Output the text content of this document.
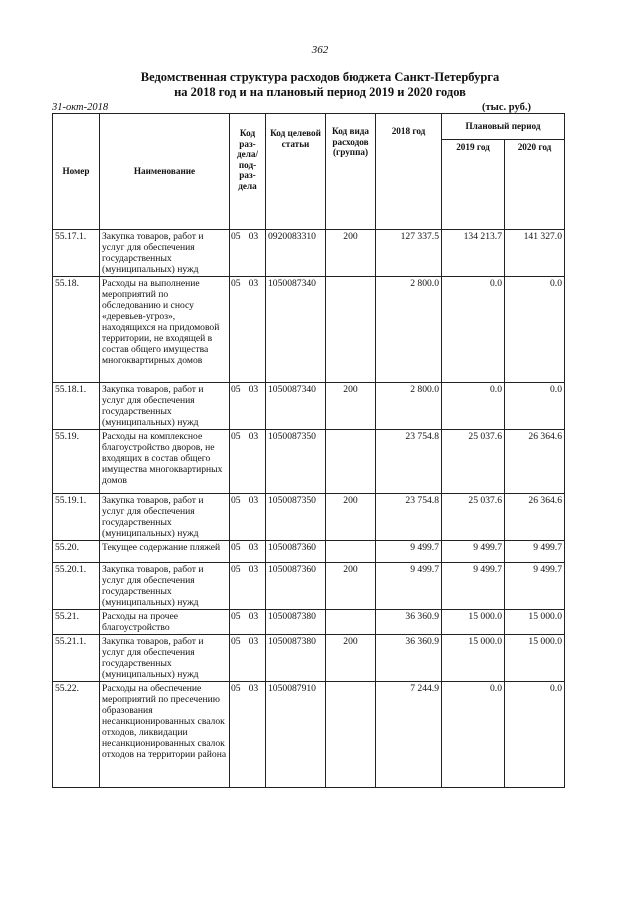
362
Ведомственная структура расходов бюджета Санкт-Петербурга
на 2018 год и на плановый период 2019 и 2020 годов
31-окт-2018	(тыс. руб.)
Номер	Наименование	Код раз-дела/ под-раз-дела	Код целевой статьи	Код вида расходов (группа)	2018 год	Плановый период	
						2019 год	2020 год
55.17.1.	Закупка товаров, работ и услуг для обеспечения государственных (муниципальных) нужд	05 03	0920083310	200	127 337.5	134 213.7	141 327.0
55.18.	Расходы на выполнение мероприятий по обследованию и сносу «деревьев-угроз», находящихся на придомовой территории, не входящей в состав общего имущества многоквартирных домов	05 03	1050087340		2 800.0	0.0	0.0
55.18.1.	Закупка товаров, работ и услуг для обеспечения государственных (муниципальных) нужд	05 03	1050087340	200	2 800.0	0.0	0.0
55.19.	Расходы на комплексное благоустройство дворов, не входящих в состав общего имущества многоквартирных домов	05 03	1050087350		23 754.8	25 037.6	26 364.6
55.19.1.	Закупка товаров, работ и услуг для обеспечения государственных (муниципальных) нужд	05 03	1050087350	200	23 754.8	25 037.6	26 364.6
55.20.	Текущее содержание пляжей	05 03	1050087360		9 499.7	9 499.7	9 499.7
55.20.1.	Закупка товаров, работ и услуг для обеспечения государственных (муниципальных) нужд	05 03	1050087360	200	9 499.7	9 499.7	9 499.7
55.21.	Расходы на прочее благоустройство	05 03	1050087380		36 360.9	15 000.0	15 000.0
55.21.1.	Закупка товаров, работ и услуг для обеспечения государственных (муниципальных) нужд	05 03	1050087380	200	36 360.9	15 000.0	15 000.0
55.22.	Расходы на обеспечение мероприятий по пресечению образования несанкционированных свалок отходов, ликвидации несанкционированных свалок отходов на территории района	05 03	1050087910		7 244.9	0.0	0.0
